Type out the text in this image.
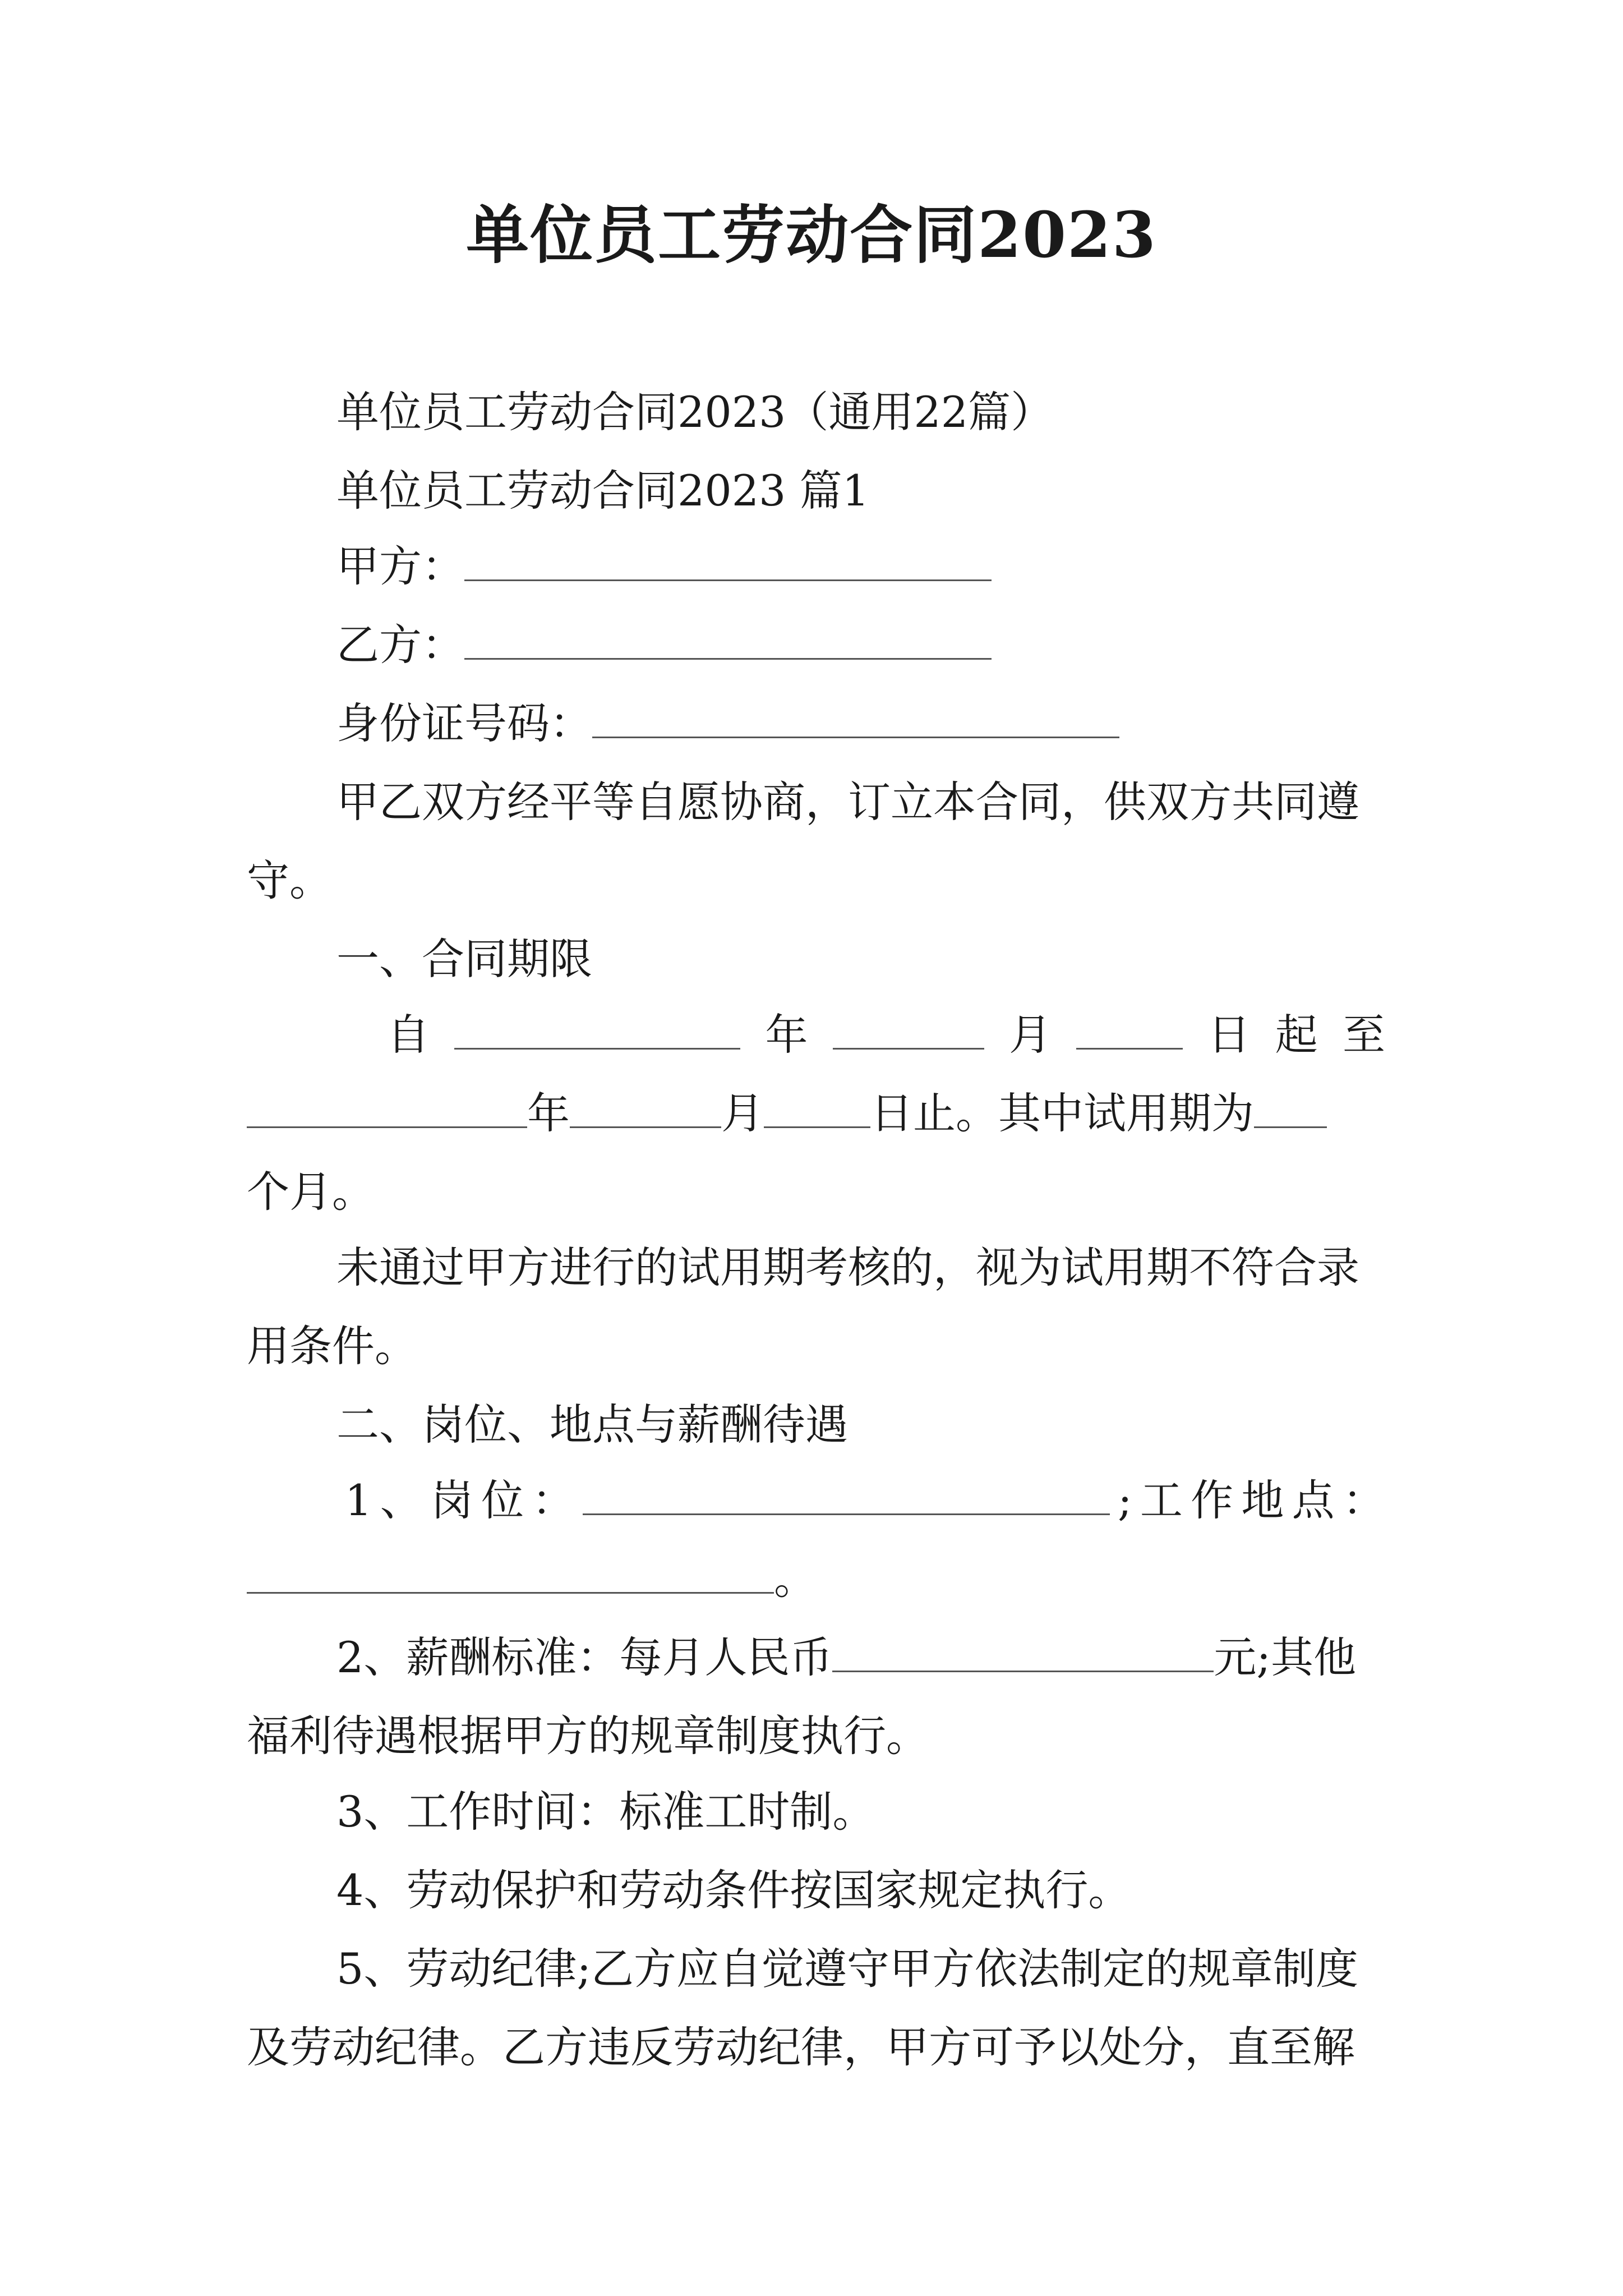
单位员工劳动合同2023
单位员工劳动合同2023（通用22篇）
单位员工劳动合同2023 篇1
甲方：
乙方：
身份证号码：
甲乙双方经平等自愿协商，订立本合同，供双方共同遵
守。
一、合同期限
自	年	月	日 起 至
年	月	日止。其中试用期为
个月。
未通过甲方进行的试用期考核的，视为试用期不符合录
用条件。
二、岗位、地点与薪酬待遇
1 、 岗 位 ：	; 工 作 地 点 ：
。
2、薪酬标准：每月人民币	元;其他
福利待遇根据甲方的规章制度执行。
3、工作时间：标准工时制。
4、劳动保护和劳动条件按国家规定执行。
5、劳动纪律;乙方应自觉遵守甲方依法制定的规章制度
及劳动纪律。乙方违反劳动纪律，甲方可予以处分，直至解
